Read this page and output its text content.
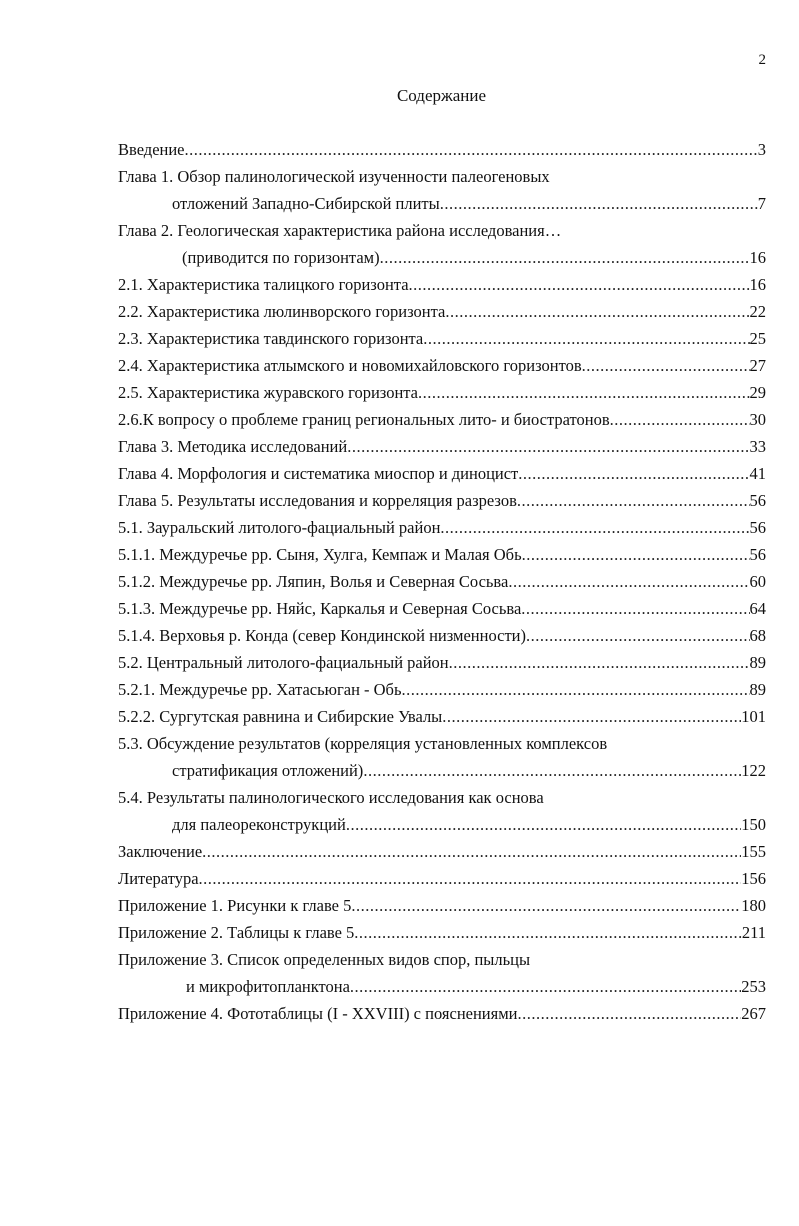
2
Содержание
Введение .....	3
Глава 1. Обзор палинологической изученности палеогеновых
отложений Западно-Сибирской плиты .....	7
Глава 2. Геологическая характеристика района исследования…
(приводится по горизонтам) .....	16
2.1. Характеристика талицкого горизонта .....	16
2.2. Характеристика люлинворского горизонта .....	22
2.3. Характеристика тавдинского горизонта .....	25
2.4. Характеристика атлымского и новомихайловского горизонтов .....	27
2.5. Характеристика журавского горизонта .....	29
2.6.К вопросу о проблеме границ региональных лито- и биостратонов .....	30
Глава 3. Методика исследований .....	33
Глава 4. Морфология и систематика миоспор и диноцист .....	41
Глава 5. Результаты исследования и корреляция разрезов .....	56
5.1. Зауральский литолого-фациальный район .....	56
5.1.1. Междуречье рр. Сыня, Хулга, Кемпаж и Малая Обь .....	56
5.1.2. Междуречье рр. Ляпин, Волья и Северная Сосьва .....	60
5.1.3. Междуречье рр. Няйс, Каркалья и Северная Сосьва .....	64
5.1.4. Верховья р. Конда (север Кондинской низменности) .....	68
5.2. Центральный литолого-фациальный район .....	89
5.2.1. Междуречье рр. Хатасьюган - Обь .....	89
5.2.2. Сургутская равнина и Сибирские Увалы .....	101
5.3. Обсуждение результатов (корреляция установленных комплексов
стратификация отложений) .....	122
5.4. Результаты палинологического исследования как основа
для палеореконструкций .....	150
Заключение .....	155
Литература .....	156
Приложение 1. Рисунки к главе 5 .....	180
Приложение 2. Таблицы к главе 5 .....	211
Приложение 3. Список определенных видов спор, пыльцы
и микрофитопланктона .....	253
Приложение 4. Фототаблицы (I - XXVIII) с пояснениями .....	267
